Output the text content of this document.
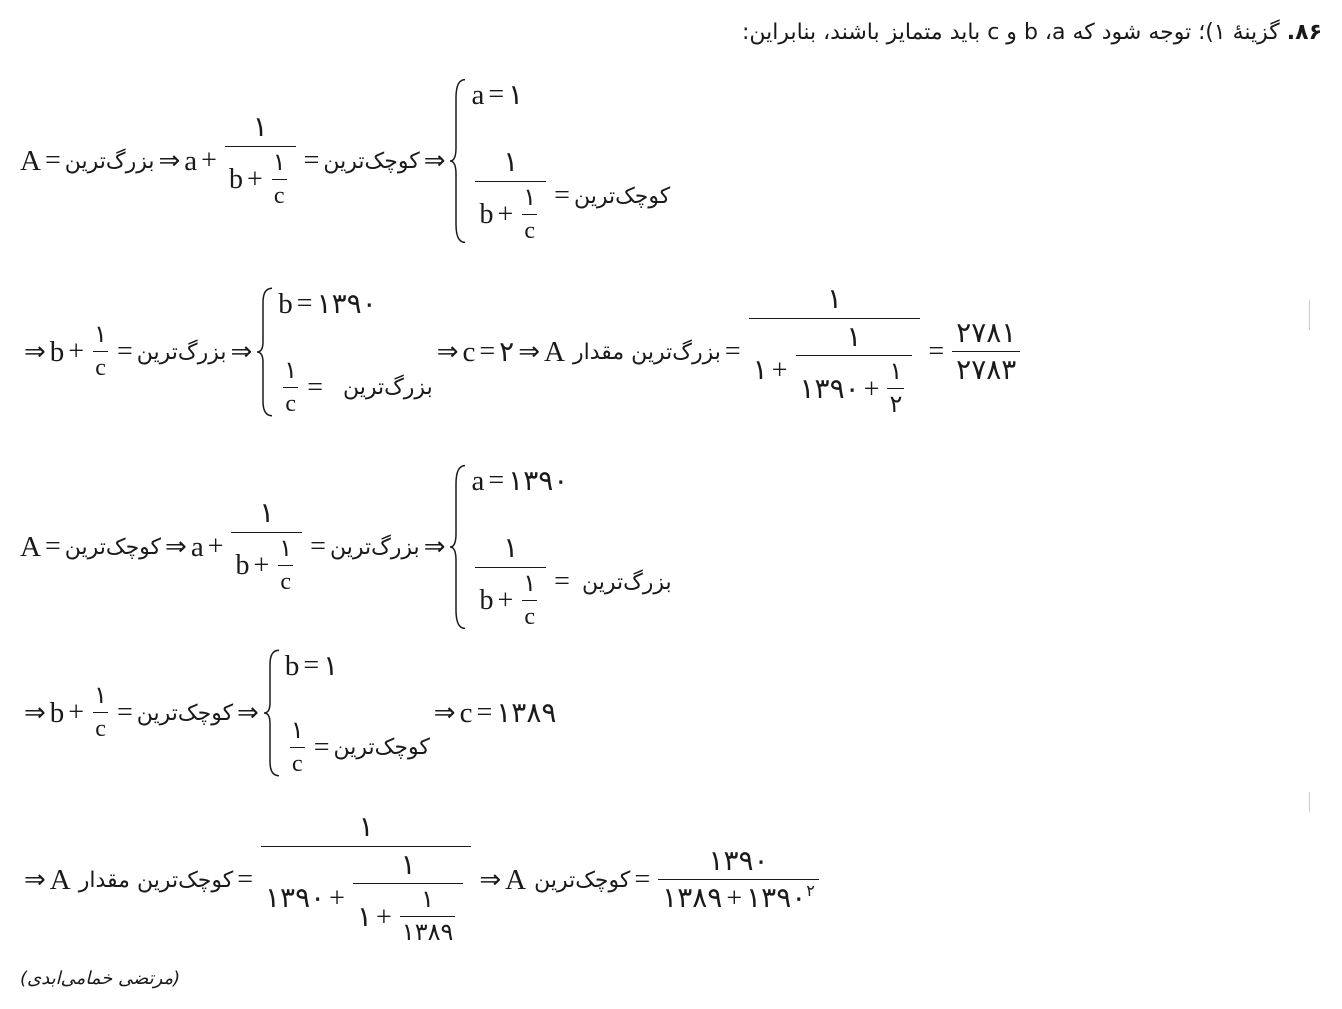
۸۶. گزینهٔ ۱)؛ توجه شود که b ،a و c باید متمایز باشند، بنابراین:
A = بزرگ‌ترین ⇒ $a + \frac{۱}{b + \frac{۱}{c}}$ = کوچک‌ترین ⇒
a = ۱
$\frac{۱}{b + \frac{۱}{c}}$ = کوچک‌ترین
⇒ $b + \frac{۱}{c}$ = بزرگ‌ترین ⇒
b = ۱۳۹۰
$\frac{۱}{c}$ = بزرگ‌ترین
⇒ c = ۲ ⇒ A بزرگ‌ترین مقدار =
۱
۱ + $\frac{۱}{۱۳۹۰ + \frac{۱}{۲}} = \frac{۲۷۸۱}{۲۷۸۳}$
A = کوچک‌ترین ⇒ $a + \frac{۱}{b + \frac{۱}{c}}$ = بزرگ‌ترین ⇒
a = ۱۳۹۰
$\frac{۱}{b + \frac{۱}{c}}$ = بزرگ‌ترین
⇒ $b + \frac{۱}{c}$ = کوچک‌ترین ⇒
b = ۱
$\frac{۱}{c}$ = کوچک‌ترین
⇒ c = ۱۳۸۹
⇒ A کوچک‌ترین مقدار =
۱
۱۳۹۰ + $\frac{۱}{۱ + \frac{۱}{۱۳۸۹}}$ ⇒ A کوچک‌ترین = $\frac{۱۳۹۰}{۱۳۸۹ + ۱۳۹۰^۲}$
(مرتضی خمامی‌ابدی)
